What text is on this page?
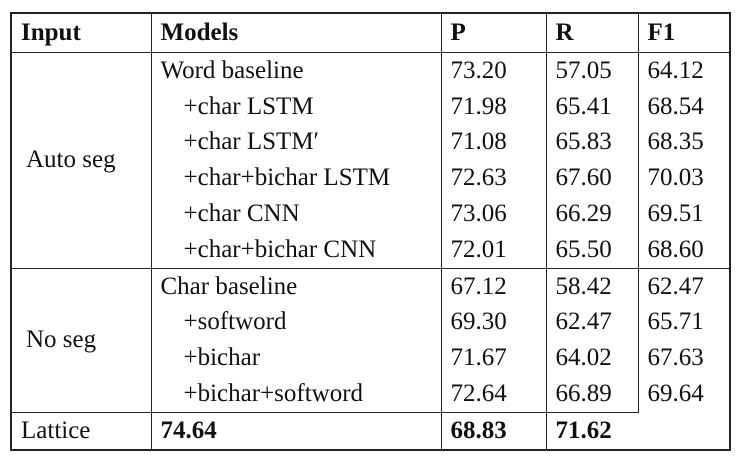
Input	Models	P	R	F1
Auto seg	Word baseline	73.20	57.05	64.12
	+char LSTM	71.98	65.41	68.54
	+char LSTM′	71.08	65.83	68.35
	+char+bichar LSTM	72.63	67.60	70.03
	+char CNN	73.06	66.29	69.51
	+char+bichar CNN	72.01	65.50	68.60
No seg	Char baseline	67.12	58.42	62.47
	+softword	69.30	62.47	65.71
	+bichar	71.67	64.02	67.63
	+bichar+softword	72.64	66.89	69.64
Lattice	74.64	68.83	71.62	
